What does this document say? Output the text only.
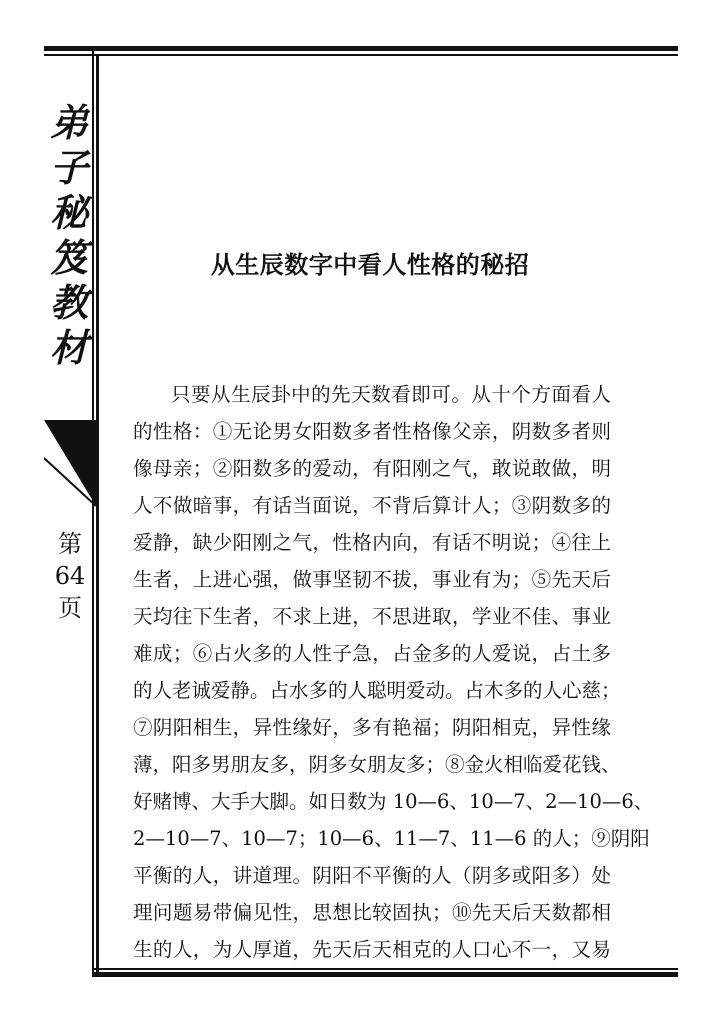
弟
子
秘
笈
教
材
第
64
页
从生辰数字中看人性格的秘招
只要从生辰卦中的先天数看即可。从十个方面看人
的性格：①无论男女阳数多者性格像父亲，阴数多者则
像母亲；②阳数多的爱动，有阳刚之气，敢说敢做，明
人不做暗事，有话当面说，不背后算计人；③阴数多的
爱静，缺少阳刚之气，性格内向，有话不明说；④往上
生者，上进心强，做事坚韧不拔，事业有为；⑤先天后
天均往下生者，不求上进，不思进取，学业不佳、事业
难成；⑥占火多的人性子急，占金多的人爱说，占土多
的人老诚爱静。占水多的人聪明爱动。占木多的人心慈；
⑦阴阳相生，异性缘好，多有艳福；阴阳相克，异性缘
薄，阳多男朋友多，阴多女朋友多；⑧金火相临爱花钱、
好赌博、大手大脚。如日数为 10—6、10—7、2—10—6、
2—10—7、10—7；10—6、11—7、11—6 的人；⑨阴阳
平衡的人，讲道理。阴阳不平衡的人（阴多或阳多）处
理问题易带偏见性，思想比较固执；⑩先天后天数都相
生的人，为人厚道，先天后天相克的人口心不一，又易
